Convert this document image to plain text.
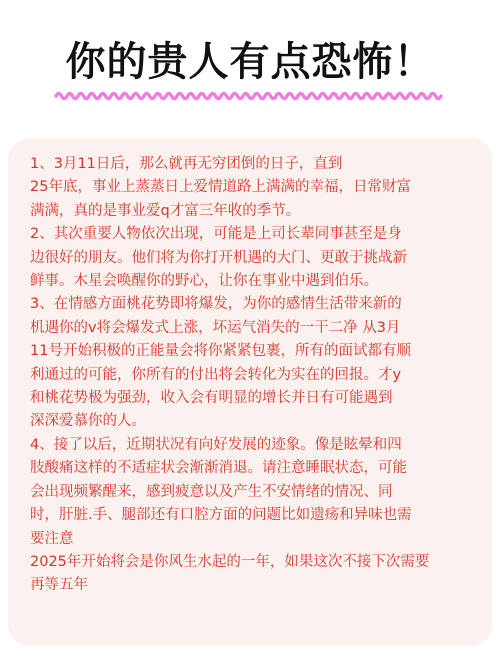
你的贵人有点恐怖！
1、3月11日后，那么就再无穷团倒的日子，直到
25年底，事业上蒸蒸日上爱情道路上满满的幸福，日常财富
满满，真的是事业爱q才富三年收的季节。
2、其次重要人物依次出现，可能是上司长辈同事甚至是身
边很好的朋友。他们将为你打开机遇的大门、更敢于挑战新
鲜事。木星会唤醒你的野心，让你在事业中遇到伯乐。
3、在情感方面桃花势即将爆发，为你的感情生活带来新的
机遇你的v将会爆发式上涨，坏运气消失的一干二净 从3月
11号开始积极的正能量会将你紧紧包裹，所有的面试都有顺
利通过的可能，你所有的付出将会转化为实在的回报。才y
和桃花势极为强劲，收入会有明显的增长并日有可能遇到
深深爱慕你的人。
4、接了以后，近期状况有向好发展的迹象。像是眩晕和四
肢酸痛这样的不适症状会渐渐消退。请注意睡眠状态，可能
会出现频繁醒来，感到疲意以及产生不安情绪的情况、同
时，肝脏.手、腿部还有口腔方面的问题比如遗疡和异味也需
要注意
2025年开始将会是你风生水起的一年，如果这次不接下次需要
再等五年
